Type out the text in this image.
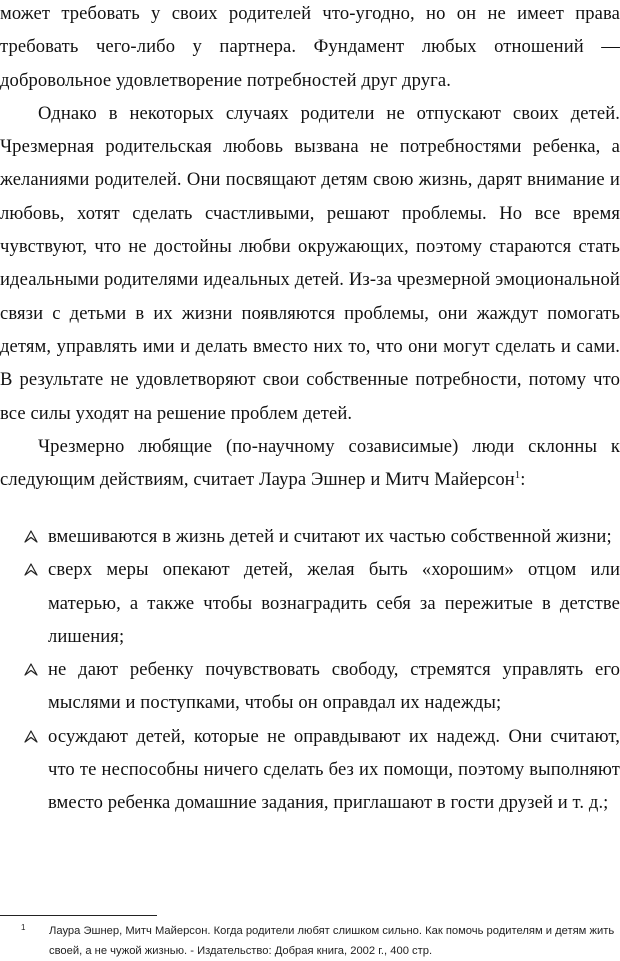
может требовать у своих родителей что-угодно, но он не имеет права требовать чего-либо у партнера. Фундамент любых отношений — добровольное удовлетворение потребностей друг друга.

Однако в некоторых случаях родители не отпускают своих детей. Чрезмерная родительская любовь вызвана не потребностями ребенка, а желаниями родителей. Они посвящают детям свою жизнь, дарят внимание и любовь, хотят сделать счастливыми, решают проблемы. Но все время чувствуют, что не достойны любви окружающих, поэтому стараются стать идеальными родителями идеальных детей. Из-за чрезмерной эмоциональной связи с детьми в их жизни появляются проблемы, они жаждут помогать детям, управлять ими и делать вместо них то, что они могут сделать и сами. В результате не удовлетворяют свои собственные потребности, потому что все силы уходят на решение проблем детей.

Чрезмерно любящие (по-научному созависимые) люди склонны к следующим действиям, считает Лаура Эшнер и Митч Майерсон$^1$:

вмешиваются в жизнь детей и считают их частью собственной жизни;
сверх меры опекают детей, желая быть «хорошим» отцом или матерью, а также чтобы вознаградить себя за пережитые в детстве лишения;
не дают ребенку почувствовать свободу, стремятся управлять его мыслями и поступками, чтобы он оправдал их надежды;
осуждают детей, которые не оправдывают их надежд. Они считают, что те неспособны ничего сделать без их помощи, поэтому выполняют вместо ребенка домашние задания, приглашают в гости друзей и т. д.;
1 Лаура Эшнер, Митч Майерсон. Когда родители любят слишком сильно. Как помочь родителям и детям жить своей, а не чужой жизнью. - Издательство: Добрая книга, 2002 г., 400 стр.
